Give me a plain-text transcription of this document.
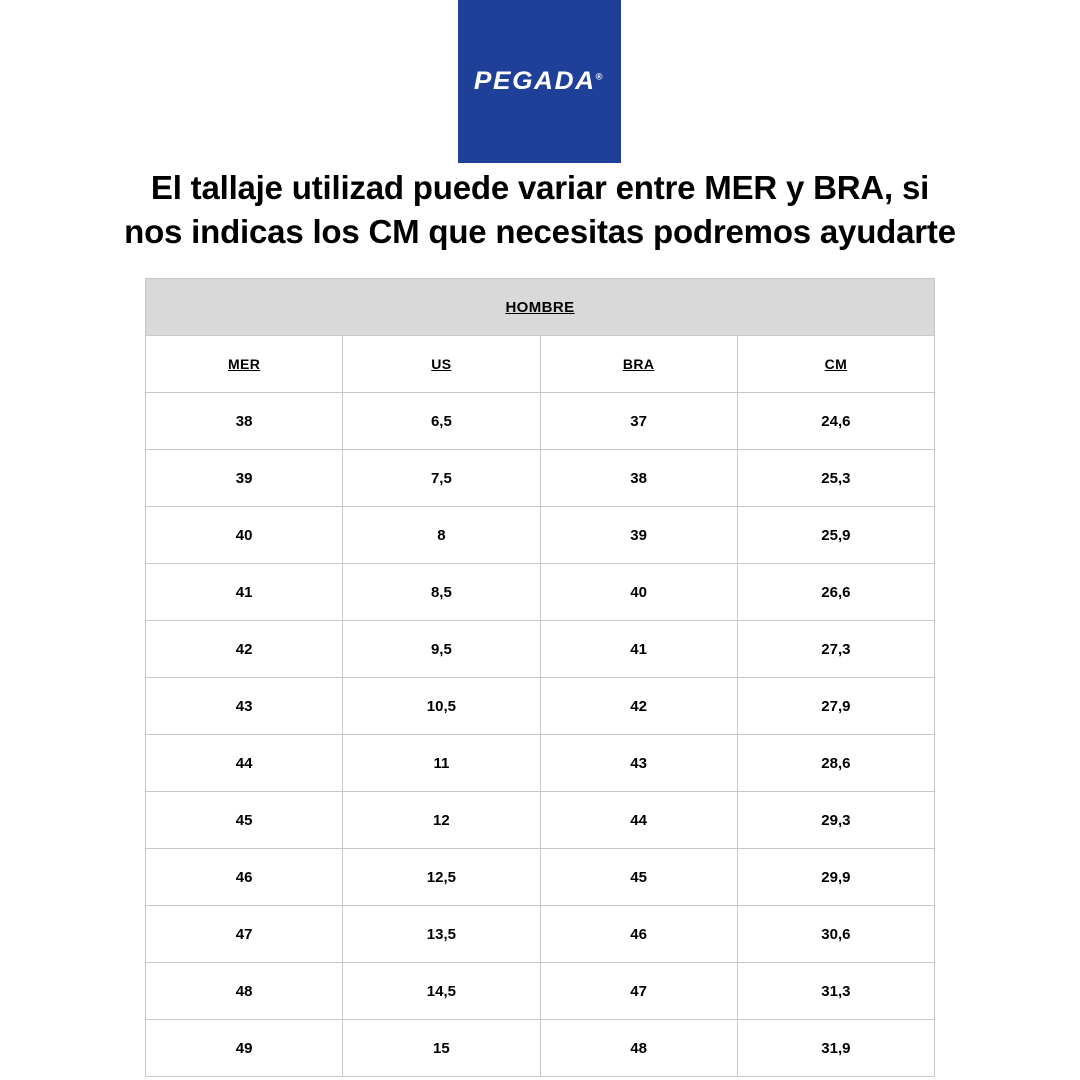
PEGADA®
El tallaje utilizad puede variar entre MER y BRA, si
nos indicas los CM que necesitas podremos ayudarte
HOMBRE			
MER	US	BRA	CM
38	6,5	37	24,6
39	7,5	38	25,3
40	8	39	25,9
41	8,5	40	26,6
42	9,5	41	27,3
43	10,5	42	27,9
44	11	43	28,6
45	12	44	29,3
46	12,5	45	29,9
47	13,5	46	30,6
48	14,5	47	31,3
49	15	48	31,9
